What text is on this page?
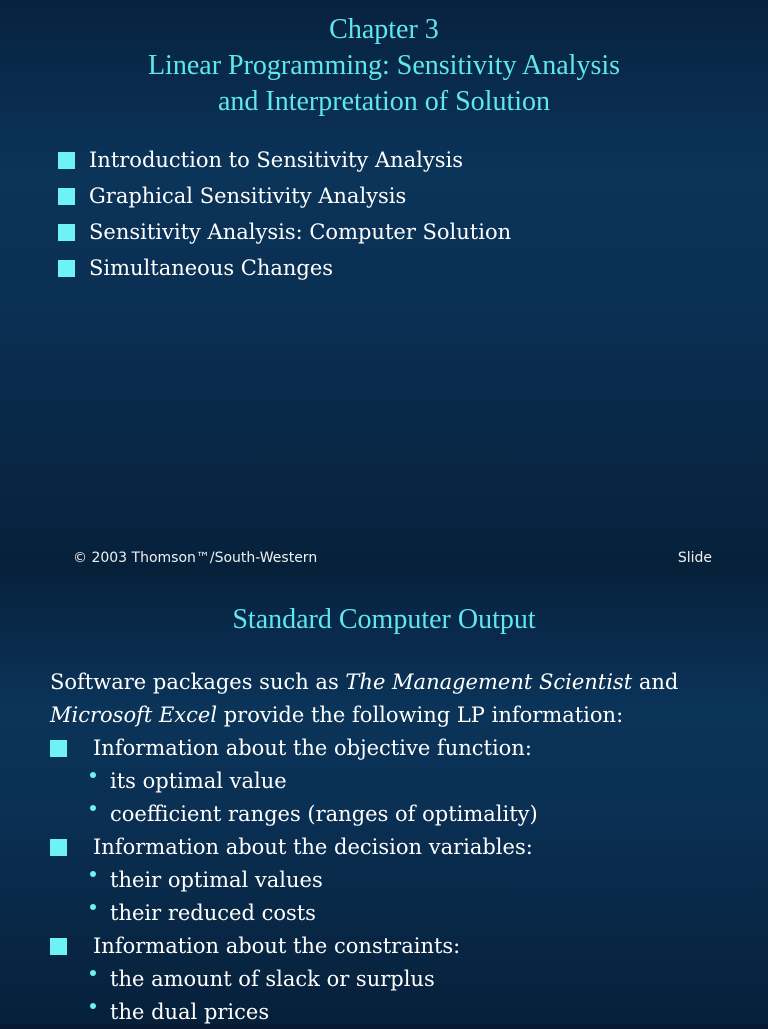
Chapter 3
Linear Programming: Sensitivity Analysis
and Interpretation of Solution
Introduction to Sensitivity Analysis
Graphical Sensitivity Analysis
Sensitivity Analysis: Computer Solution
Simultaneous Changes
© 2003 Thomson™/South-Western	Slide
Standard Computer Output

Software packages such as The Management Scientist and

Microsoft Excel provide the following LP information:

Information about the objective function:
its optimal value
coefficient ranges (ranges of optimality)
Information about the decision variables:
their optimal values
their reduced costs
Information about the constraints:
the amount of slack or surplus
the dual prices
